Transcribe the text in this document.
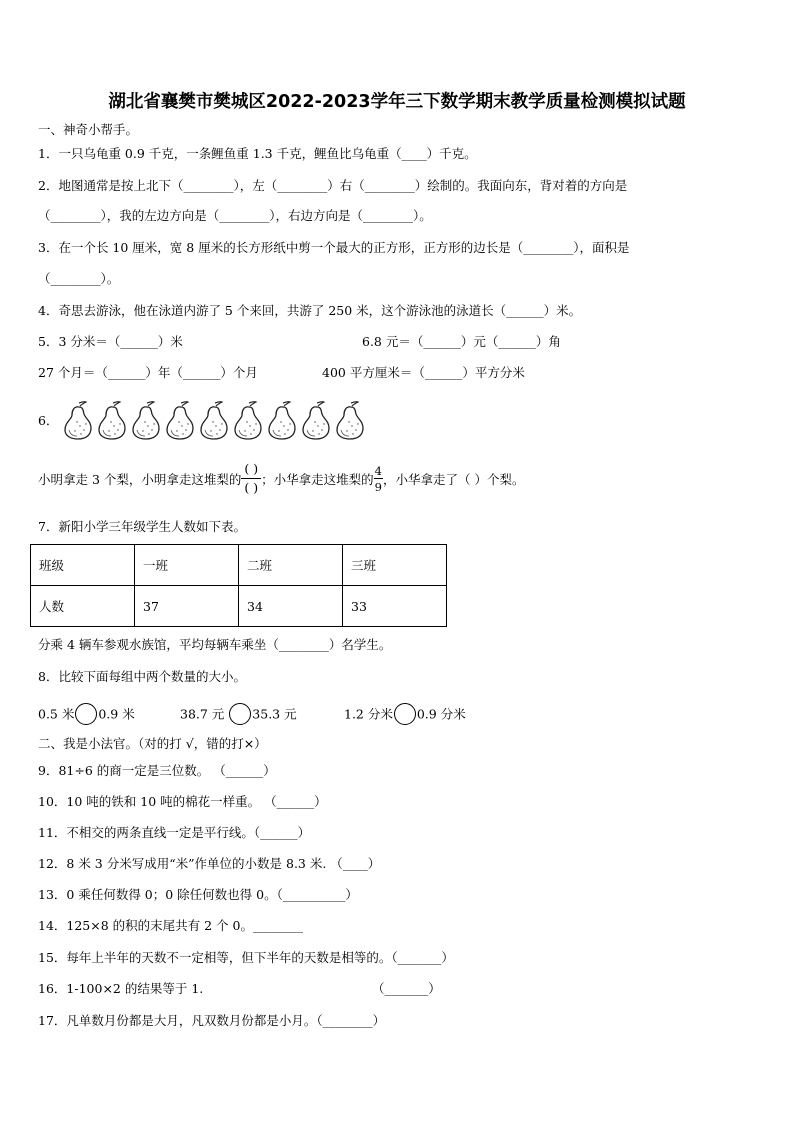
湖北省襄樊市樊城区2022-2023学年三下数学期末教学质量检测模拟试题
一、神奇小帮手。
1．一只乌龟重 0.9 千克，一条鲤鱼重 1.3 千克，鲤鱼比乌龟重（____）千克。
2．地图通常是按上北下（________），左（________）右（________）绘制的。我面向东，背对着的方向是
（________），我的左边方向是（________），右边方向是（________）。
3．在一个长 10 厘米，宽 8 厘米的长方形纸中剪一个最大的正方形，正方形的边长是（________），面积是
（________）。
4．奇思去游泳，他在泳道内游了 5 个来回，共游了 250 米，这个游泳池的泳道长（______）米。
5．3 分米＝（______）米	6.8 元＝（______）元（______）角
27 个月＝（______）年（______）个月	400 平方厘米＝（______）平方分米
6．
小明拿走 3 个梨，小明拿走这堆梨的 $\frac{( )}{( )}$ ；小华拿走这堆梨的 $\frac{4}{9}$ ，小华拿走了（ ）个梨。
7．新阳小学三年级学生人数如下表。
班级	一班	二班	三班
人数	37	34	33
分乘 4 辆车参观水族馆，平均每辆车乘坐（________）名学生。
8．比较下面每组中两个数量的大小。
0.5 米 0.9 米	38.7 元 35.3 元	1.2 分米 0.9 分米
二、我是小法官。（对的打 √，错的打×）
9．81÷6 的商一定是三位数。 （______）
10．10 吨的铁和 10 吨的棉花一样重。 （______）
11．不相交的两条直线一定是平行线。（______）
12．8 米 3 分米写成用“米”作单位的小数是 8.3 米. （____）
13．0 乘任何数得 0；0 除任何数也得 0。（__________）
14．125×8 的积的末尾共有 2 个 0。________
15．每年上半年的天数不一定相等，但下半年的天数是相等的。（_______）
16．1-100×2 的结果等于 1.	（_______）
17．凡单数月份都是大月，凡双数月份都是小月。（________）
